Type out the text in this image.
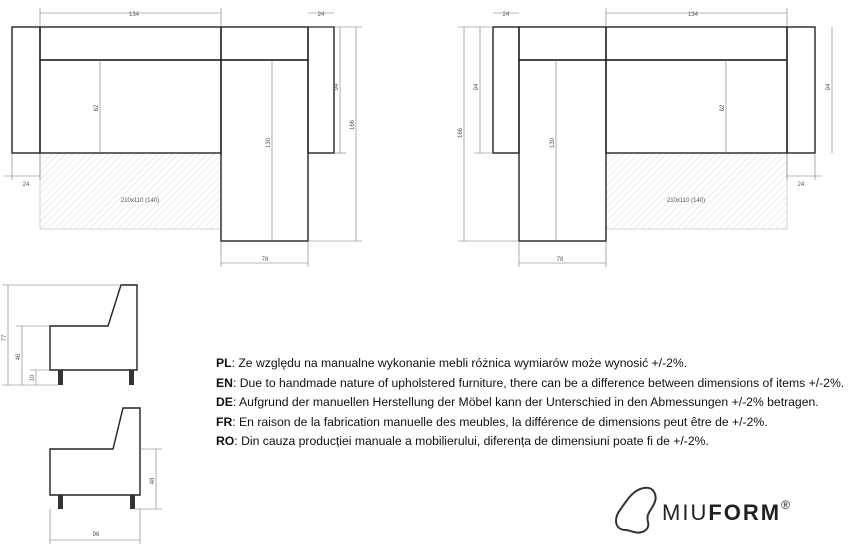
210x110 (140)
134	24
62
130
94
166
24
78
210x110 (140)
24	134
94
166
130
62
94
24
78
77
46
10
48
96
PL: Ze względu na manualne wykonanie mebli różnica wymiarów może wynosić +/-2%.
EN: Due to handmade nature of upholstered furniture, there can be a difference between dimensions of items +/-2%.
DE: Aufgrund der manuellen Herstellung der Möbel kann der Unterschied in den Abmessungen +/-2% betragen.
FR: En raison de la fabrication manuelle des meubles, la différence de dimensions peut être de +/-2%.
RO: Din cauza producției manuale a mobilierului, diferența de dimensiuni poate fi de +/-2%.
MIUFORM®
